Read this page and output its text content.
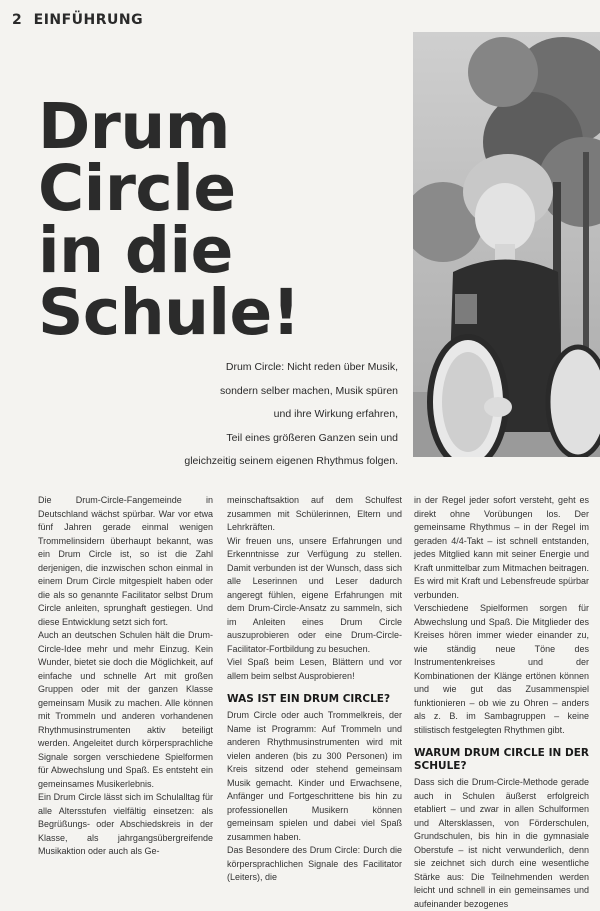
2 EINFÜHRUNG
Drum Circle
in die
Schule!
Drum Circle: Nicht reden über Musik,
sondern selber machen, Musik spüren
und ihre Wirkung erfahren,
Teil eines größeren Ganzen sein und
gleichzeitig seinem eigenen Rhythmus folgen.

Die Drum-Circle-Fangemeinde in Deutschland wächst spürbar. War vor etwa fünf Jahren gerade einmal wenigen Trommelinsidern überhaupt bekannt, was ein Drum Circle ist, so ist die Zahl derjenigen, die inzwischen schon einmal in einem Drum Circle mitgespielt haben oder die als so genannte Facilitator selbst Drum Circle anleiten, sprunghaft gestiegen. Und diese Entwicklung setzt sich fort.

Auch an deutschen Schulen hält die Drum-Circle-Idee mehr und mehr Einzug. Kein Wunder, bietet sie doch die Möglichkeit, auf einfache und schnelle Art mit großen Gruppen oder mit der ganzen Klasse gemeinsam Musik zu machen. Alle können mit Trommeln und anderen vorhandenen Rhythmusinstrumenten aktiv beteiligt werden. Angeleitet durch körpersprachliche Signale sorgen verschiedene Spielformen für Abwechslung und Spaß. Es entsteht ein gemeinsames Musikerlebnis.

Ein Drum Circle lässt sich im Schulalltag für alle Altersstufen vielfältig einsetzen: als Begrüßungs- oder Abschiedskreis in der Klasse, als jahrgangsübergreifende Musikaktion oder auch als Ge-

meinschaftsaktion auf dem Schulfest zusammen mit Schülerinnen, Eltern und Lehrkräften.

Wir freuen uns, unsere Erfahrungen und Erkenntnisse zur Verfügung zu stellen. Damit verbunden ist der Wunsch, dass sich alle Leserinnen und Leser dadurch angeregt fühlen, eigene Erfahrungen mit dem Drum-Circle-Ansatz zu sammeln, sich im Anleiten eines Drum Circle auszuprobieren oder eine Drum-Circle-Facilitator-Fortbildung zu besuchen.

Viel Spaß beim Lesen, Blättern und vor allem beim selbst Ausprobieren!

WAS IST EIN DRUM CIRCLE?

Drum Circle oder auch Trommelkreis, der Name ist Programm: Auf Trommeln und anderen Rhythmusinstrumenten wird mit vielen anderen (bis zu 300 Personen) im Kreis sitzend oder stehend gemeinsam Musik gemacht. Kinder und Erwachsene, Anfänger und Fortgeschrittene bis hin zu professionellen Musikern können gemeinsam spielen und dabei viel Spaß zusammen haben.

Das Besondere des Drum Circle: Durch die körpersprachlichen Signale des Facilitator (Leiters), die

in der Regel jeder sofort versteht, geht es direkt ohne Vorübungen los. Der gemeinsame Rhythmus – in der Regel im geraden 4/4-Takt – ist schnell entstanden, jedes Mitglied kann mit seiner Energie und Kraft unmittelbar zum Mitmachen beitragen. Es wird mit Kraft und Lebensfreude spürbar verbunden.

Verschiedene Spielformen sorgen für Abwechslung und Spaß. Die Mitglieder des Kreises hören immer wieder einander zu, wie ständig neue Töne des Instrumentenkreises und der Kombinationen der Klänge ertönen können und wie gut das Zusammenspiel funktionieren – ob wie zu Ohren – anders als z. B. im Sambagruppen – keine stilistisch festgelegten Rhythmen gibt.

WARUM DRUM CIRCLE IN DER SCHULE?

Dass sich die Drum-Circle-Methode gerade auch in Schulen äußerst erfolgreich etabliert – und zwar in allen Schulformen und Altersklassen, von Förderschulen, Grundschulen, bis hin in die gymnasiale Oberstufe – ist nicht verwunderlich, denn sie zeichnet sich durch eine wesentliche Stärke aus: Die Teilnehmenden werden leicht und schnell in ein gemeinsames und aufeinander bezogenes
